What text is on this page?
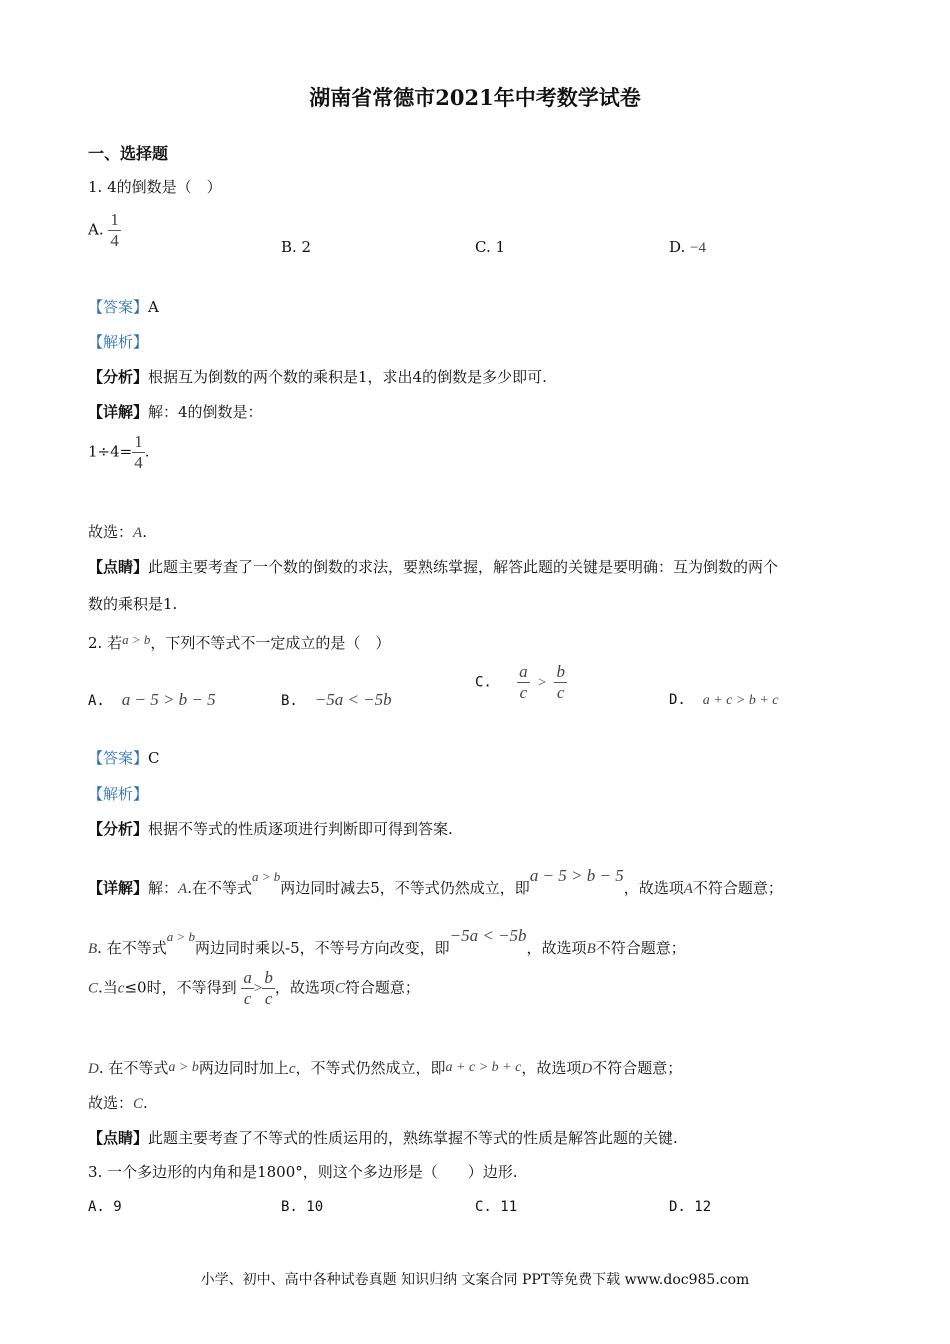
湖南省常德市2021年中考数学试卷
一、选择题
1. 4的倒数是（　）
A. $\frac{1}{4}$	B. 2	C. 1	D. −4
【答案】A
【解析】
【分析】根据互为倒数的两个数的乘积是1，求出4的倒数是多少即可.
【详解】解：4的倒数是：
$1\div 4= \frac{1}{4}$ .
故选：A.
【点睛】此题主要考查了一个数的倒数的求法，要熟练掌握，解答此题的关键是要明确：互为倒数的两个
数的乘积是1.
2. 若a > b，下列不等式不一定成立的是（　）
A. a − 5 > b − 5	B. −5a < −5b
C. $\frac{a}{c} > \frac{b}{c}$	D. a + c > b + c
【答案】C
【解析】
【分析】根据不等式的性质逐项进行判断即可得到答案.
【详解】解：A.在不等式a > b两边同时减去5，不等式仍然成立，即a − 5 > b − 5，故选项A不符合题意；
B. 在不等式a > b两边同时乘以-5，不等号方向改变，即−5a < −5b，故选项B不符合题意；
C.当c≤0时，不等得到 $\frac{a}{c} > \frac{b}{c}$ ，故选项C符合题意；
D. 在不等式a > b两边同时加上c，不等式仍然成立，即a + c > b + c，故选项D不符合题意；
故选：C.
【点睛】此题主要考查了不等式的性质运用的，熟练掌握不等式的性质是解答此题的关键.
3. 一个多边形的内角和是1800°，则这个多边形是（　　）边形.
A. 9	B. 10	C. 11	D. 12
小学、初中、高中各种试卷真题 知识归纳 文案合同 PPT等免费下载 www.doc985.com
